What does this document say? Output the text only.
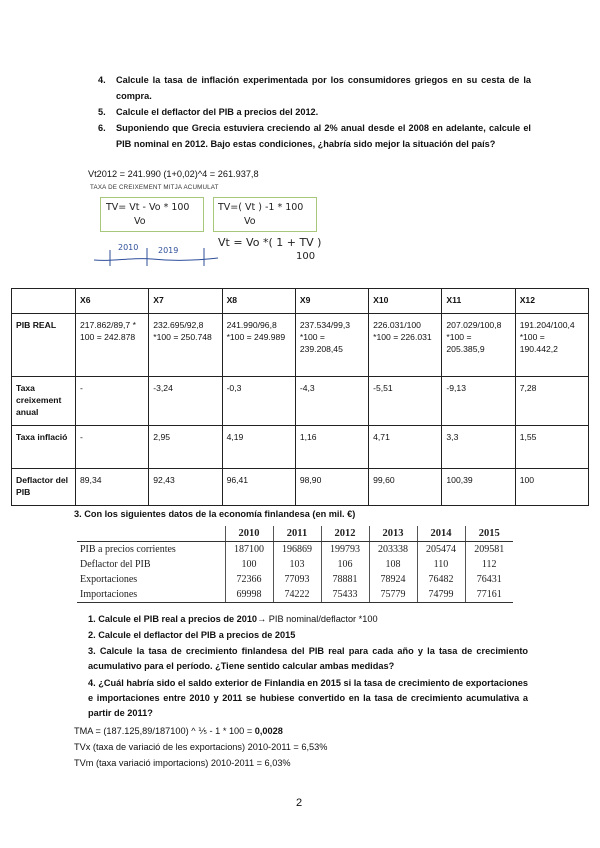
4. Calcule la tasa de inflación experimentada por los consumidores griegos en su cesta de la compra.
5. Calcule el deflactor del PIB a precios del 2012.
6. Suponiendo que Grecia estuviera creciendo al 2% anual desde el 2008 en adelante, calcule el PIB nominal en 2012. Bajo estas condiciones, ¿habría sido mejor la situación del país?
Vt2012 = 241.990 (1+0,02)^4 = 261.937,8
TAXA DE CREIXEMENT MITJA ACUMULAT
TV= Vt - Vo * 100
Vo
TV=( Vt ) -1 * 100
Vo
Vt = Vo *( 1 + TV )
100
2010 2019
	X6	X7	X8	X9	X10	X11	X12
PIB REAL	217.862/89,7 * 100 = 242.878	232.695/92,8 *100 = 250.748	241.990/96,8 *100 = 249.989	237.534/99,3 *100 = 239.208,45	226.031/100 *100 = 226.031	207.029/100,8 *100 = 205.385,9	191.204/100,4 *100 = 190.442,2
Taxa creixement anual	-	-3,24	-0,3	-4,3	-5,51	-9,13	7,28
Taxa inflació	-	2,95	4,19	1,16	4,71	3,3	1,55
Deflactor del PIB	89,34	92,43	96,41	98,90	99,60	100,39	100
3. Con los siguientes datos de la economía finlandesa (en mil. €)
	2010	2011	2012	2013	2014	2015
PIB a precios corrientes	187100	196869	199793	203338	205474	209581
Deflactor del PIB	100	103	106	108	110	112
Exportaciones	72366	77093	78881	78924	76482	76431
Importaciones	69998	74222	75433	75779	74799	77161
1. Calcule el PIB real a precios de 2010→ PIB nominal/deflactor *100
2. Calcule el deflactor del PIB a precios de 2015
3. Calcule la tasa de crecimiento finlandesa del PIB real para cada año y la tasa de crecimiento acumulativo para el período. ¿Tiene sentido calcular ambas medidas?
4. ¿Cuál habría sido el saldo exterior de Finlandia en 2015 si la tasa de crecimiento de exportaciones e importaciones entre 2010 y 2011 se hubiese convertido en la tasa de crecimiento acumulativa a partir de 2011?
TMA = (187.125,89/187100) ^ ⅕ - 1 * 100 = 0,0028
TVx (taxa de variació de les exportacions) 2010-2011 = 6,53%
TVm (taxa variació importacions) 2010-2011 = 6,03%
2
